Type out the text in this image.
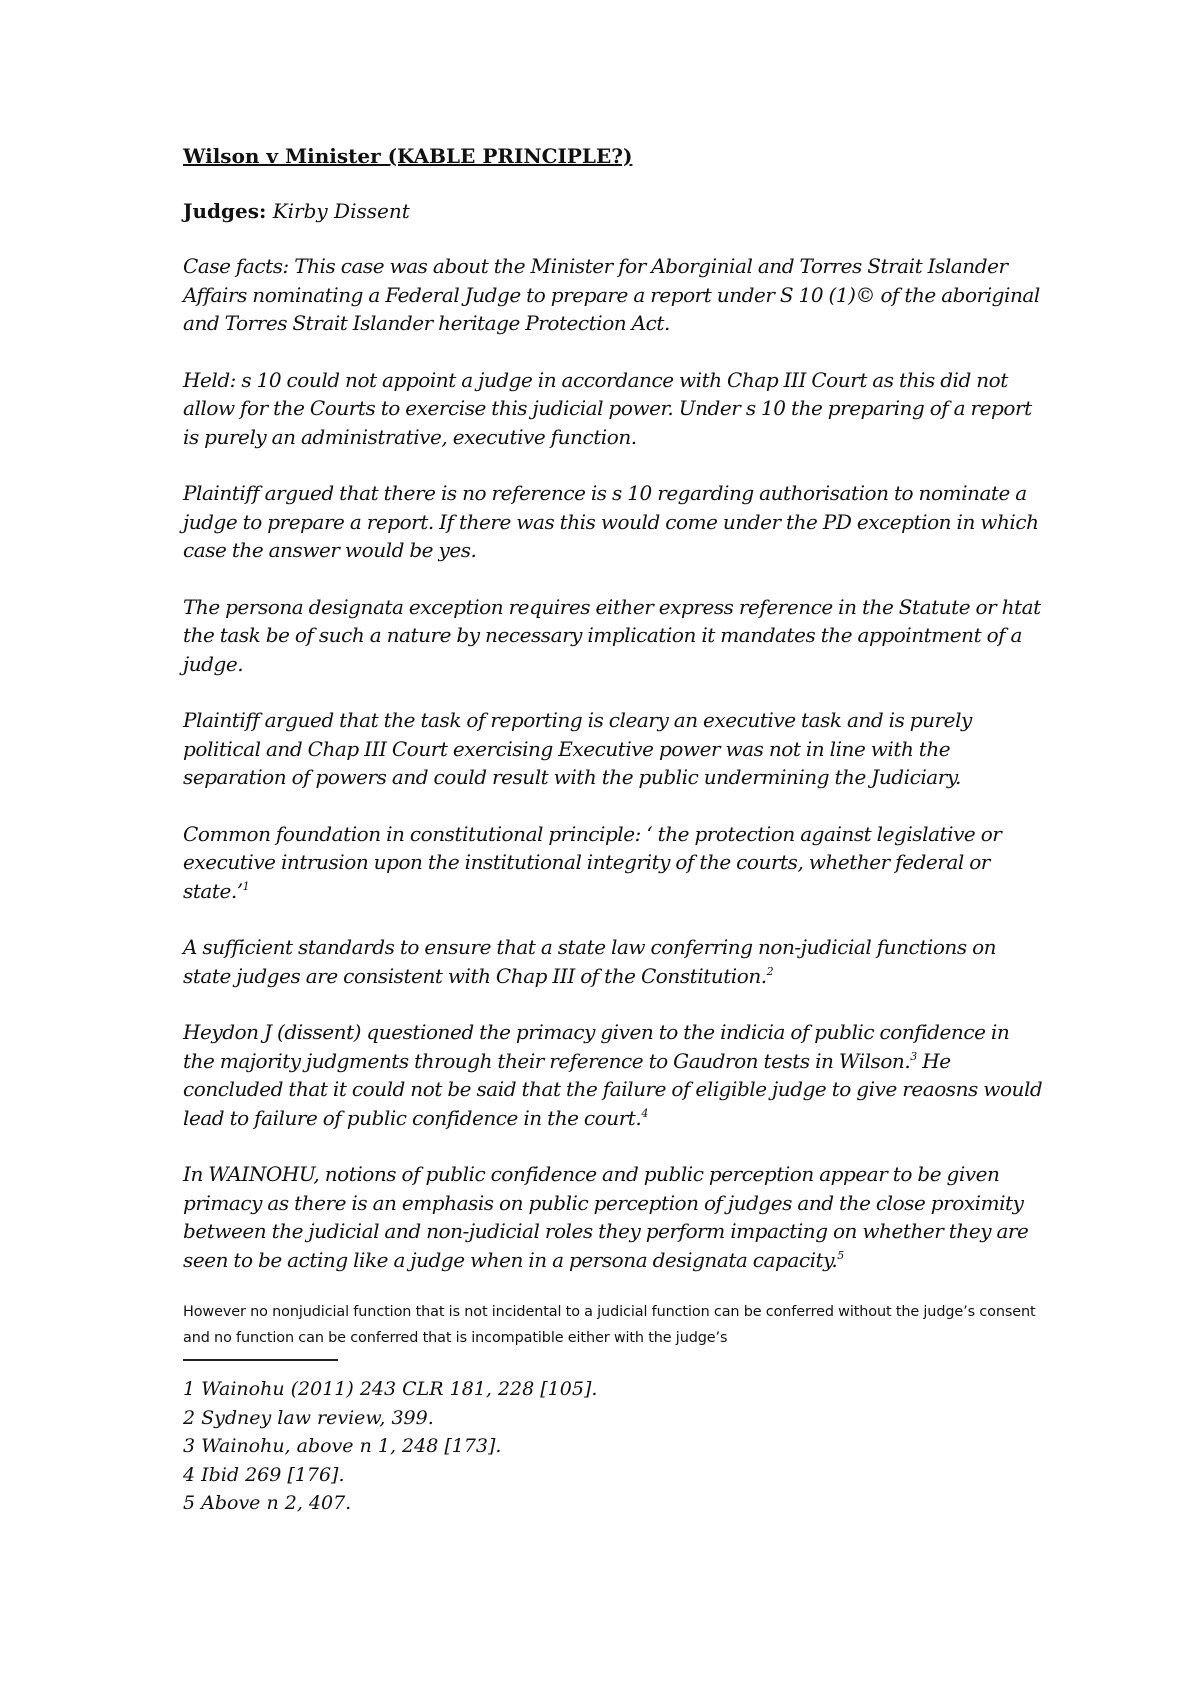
Wilson v Minister (KABLE PRINCIPLE?)
Judges: Kirby Dissent

Case facts: This case was about the Minister for Aborginial and Torres Strait Islander Affairs nominating a Federal Judge to prepare a report under S 10 (1)© of the aboriginal and Torres Strait Islander heritage Protection Act.

Held: s 10 could not appoint a judge in accordance with Chap III Court as this did not allow for the Courts to exercise this judicial power. Under s 10 the preparing of a report is purely an administrative, executive function.

Plaintiff argued that there is no reference is s 10 regarding authorisation to nominate a judge to prepare a report. If there was this would come under the PD exception in which case the answer would be yes.

The persona designata exception requires either express reference in the Statute or htat the task be of such a nature by necessary implication it mandates the appointment of a judge.

Plaintiff argued that the task of reporting is cleary an executive task and is purely political and Chap III Court exercising Executive power was not in line with the separation of powers and could result with the public undermining the Judiciary.

Common foundation in constitutional principle: ‘ the protection against legislative or executive intrusion upon the institutional integrity of the courts, whether federal or state.’$^1$

A sufficient standards to ensure that a state law conferring non-judicial functions on state judges are consistent with Chap III of the Constitution.$^2$

Heydon J (dissent) questioned the primacy given to the indicia of public confidence in the majority judgments through their reference to Gaudron tests in Wilson.$^3$ He concluded that it could not be said that the failure of eligible judge to give reaosns would lead to failure of public confidence in the court.$^4$

In WAINOHU, notions of public confidence and public perception appear to be given primacy as there is an emphasis on public perception of judges and the close proximity between the judicial and non-judicial roles they perform impacting on whether they are seen to be acting like a judge when in a persona designata capacity.$^5$

However no nonjudicial function that is not incidental to a judicial function can be conferred without the judge’s consent and no function can be conferred that is incompatible either with the judge’s

1 Wainohu (2011) 243 CLR 181, 228 [105].
2 Sydney law review, 399.
3 Wainohu, above n 1, 248 [173].
4 Ibid 269 [176].
5 Above n 2, 407.
